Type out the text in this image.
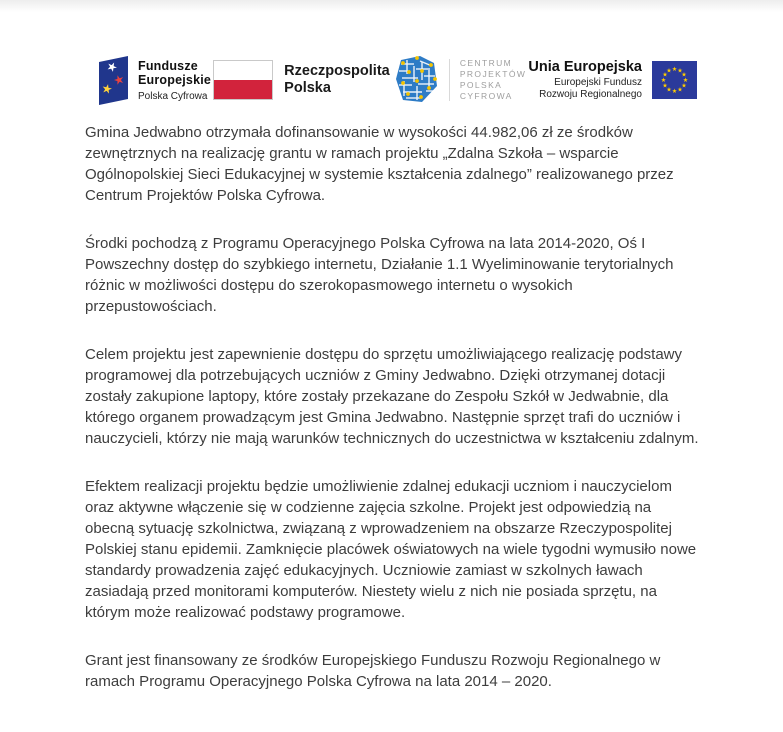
Fundusze
Europejskie
Polska Cyfrowa
Rzeczpospolita
Polska
CENTRUM
PROJEKTÓW
POLSKA
CYFROWA
Unia Europejska
Europejski Fundusz
Rozwoju Regionalnego

Gmina Jedwabno otrzymała dofinansowanie w wysokości 44.982,06 zł ze środków zewnętrznych na realizację grantu w ramach projektu „Zdalna Szkoła – wsparcie Ogólnopolskiej Sieci Edukacyjnej w systemie kształcenia zdalnego” realizowanego przez Centrum Projektów Polska Cyfrowa.

Środki pochodzą z Programu Operacyjnego Polska Cyfrowa na lata 2014-2020, Oś I Powszechny dostęp do szybkiego internetu, Działanie 1.1 Wyeliminowanie terytorialnych różnic w możliwości dostępu do szerokopasmowego internetu o wysokich przepustowościach.

Celem projektu jest zapewnienie dostępu do sprzętu umożliwiającego realizację podstawy programowej dla potrzebujących uczniów z Gminy Jedwabno. Dzięki otrzymanej dotacji zostały zakupione laptopy, które zostały przekazane do Zespołu Szkół w Jedwabnie, dla którego organem prowadzącym jest Gmina Jedwabno. Następnie sprzęt trafi do uczniów i nauczycieli, którzy nie mają warunków technicznych do uczestnictwa w kształceniu zdalnym.

Efektem realizacji projektu będzie umożliwienie zdalnej edukacji uczniom i nauczycielom oraz aktywne włączenie się w codzienne zajęcia szkolne. Projekt jest odpowiedzią na obecną sytuację szkolnictwa, związaną z wprowadzeniem na obszarze Rzeczypospolitej Polskiej stanu epidemii. Zamknięcie placówek oświatowych na wiele tygodni wymusiło nowe standardy prowadzenia zajęć edukacyjnych. Uczniowie zamiast w szkolnych ławach zasiadają przed monitorami komputerów. Niestety wielu z nich nie posiada sprzętu, na którym może realizować podstawy programowe.

Grant jest finansowany ze środków Europejskiego Funduszu Rozwoju Regionalnego w ramach Programu Operacyjnego Polska Cyfrowa na lata 2014 – 2020.
